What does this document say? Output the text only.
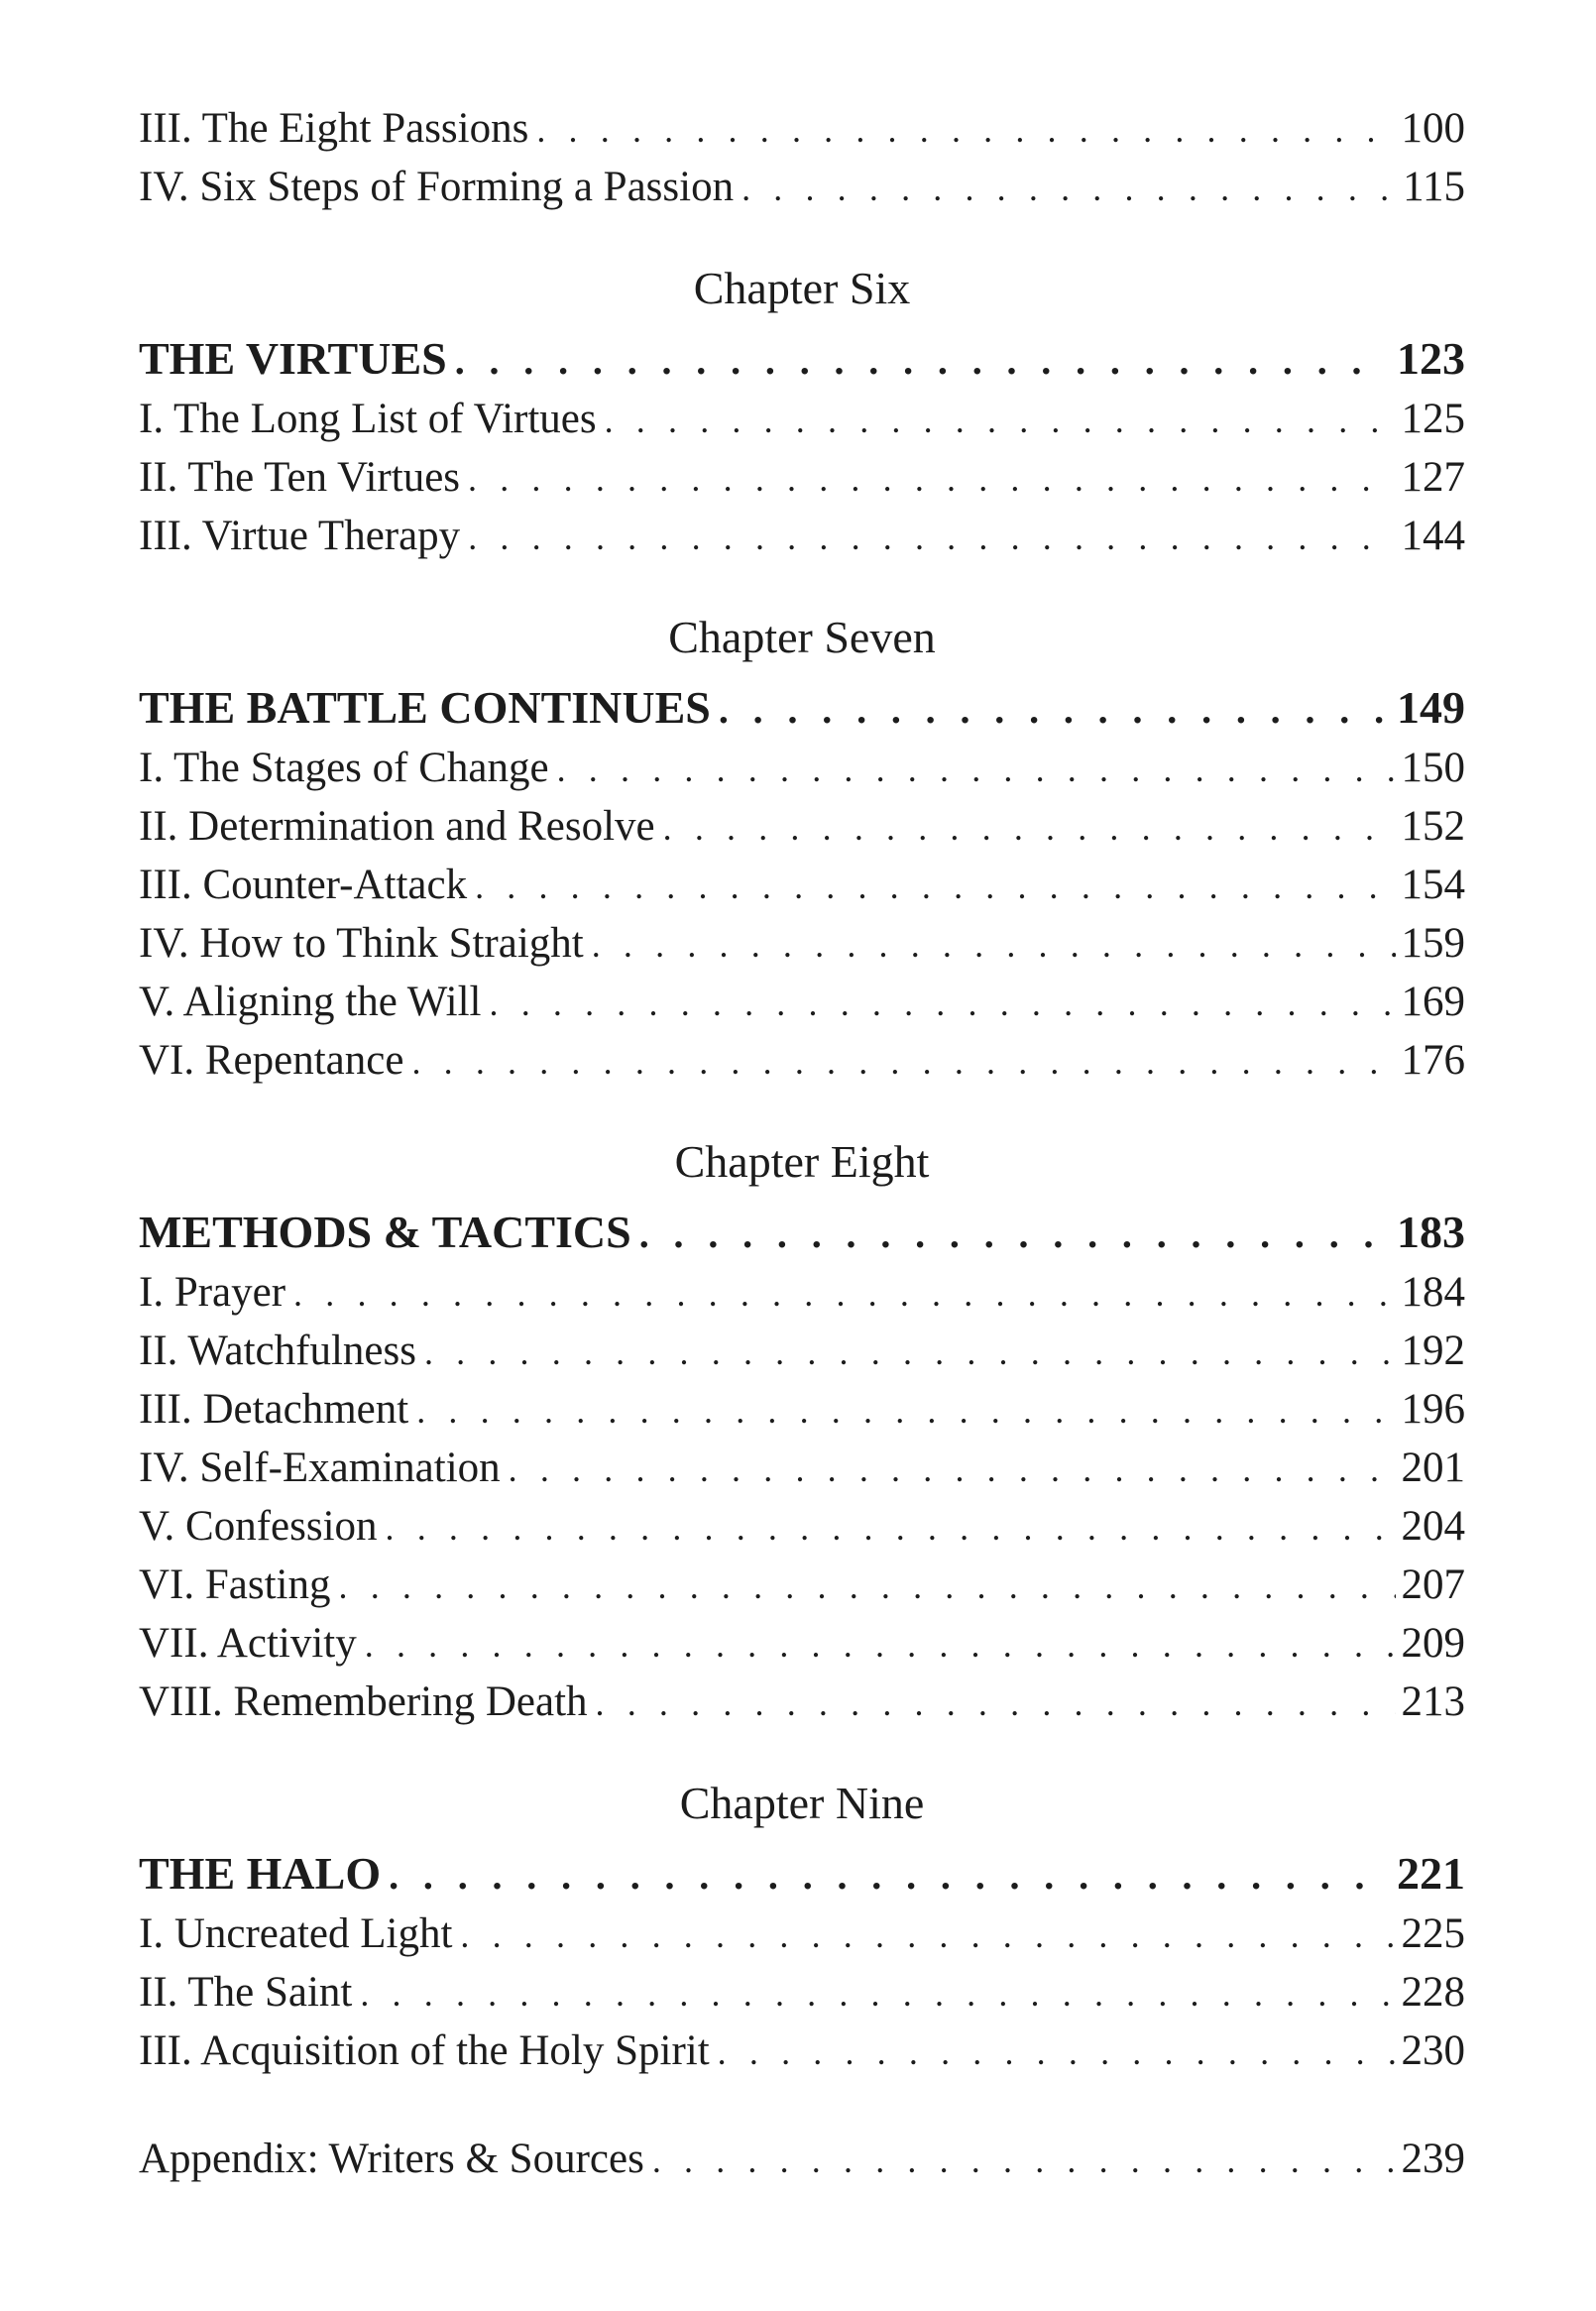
III. The Eight Passions . . .	100
IV. Six Steps of Forming a Passion . . .	115
Chapter Six
THE VIRTUES . . .	123
I. The Long List of Virtues . . .	125
II. The Ten Virtues . . .	127
III. Virtue Therapy . . .	144
Chapter Seven
THE BATTLE CONTINUES . . .	149
I. The Stages of Change . . .	150
II. Determination and Resolve . . .	152
III. Counter-Attack . . .	154
IV. How to Think Straight . . .	159
V. Aligning the Will . . .	169
VI. Repentance . . .	176
Chapter Eight
METHODS & TACTICS . . .	183
I. Prayer . . .	184
II. Watchfulness . . .	192
III. Detachment . . .	196
IV. Self-Examination . . .	201
V. Confession . . .	204
VI. Fasting . . .	207
VII. Activity . . .	209
VIII. Remembering Death . . .	213
Chapter Nine
THE HALO . . .	221
I. Uncreated Light . . .	225
II. The Saint . . .	228
III. Acquisition of the Holy Spirit . . .	230
Appendix: Writers & Sources . . .	239
